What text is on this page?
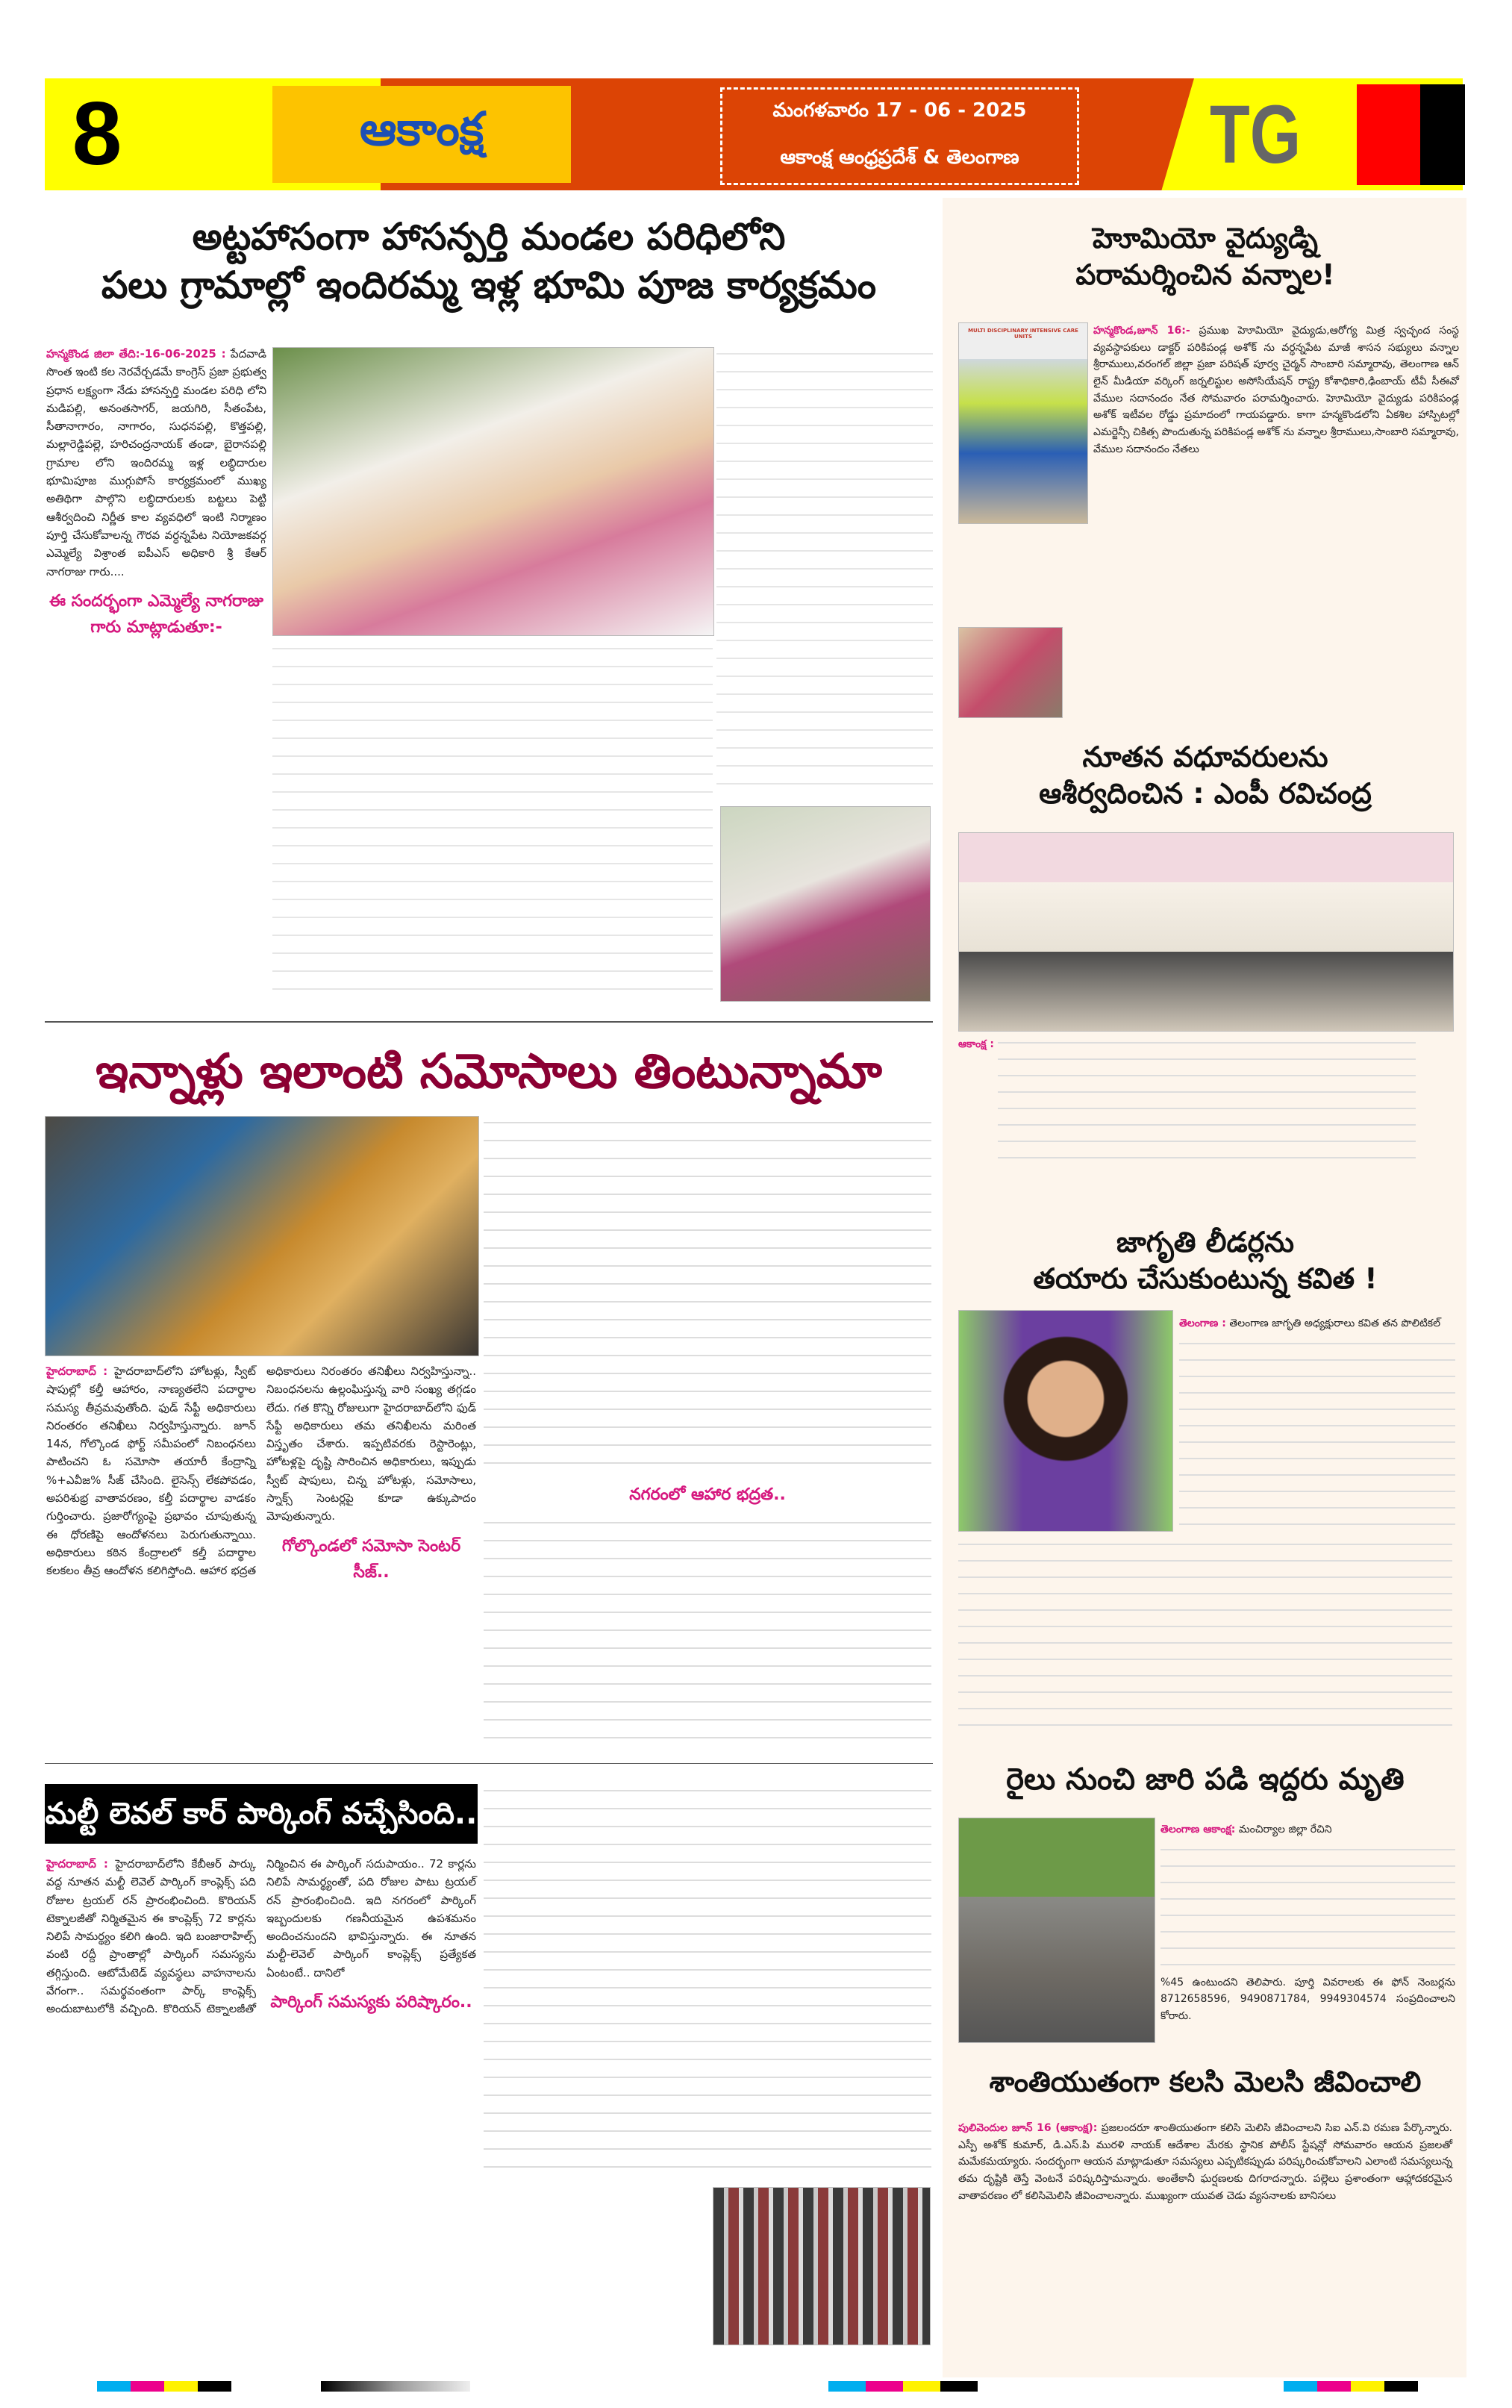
8	ఆకాంక్ష	మంగళవారం 17 - 06 - 2025
ఆకాంక్ష ఆంధ్రప్రదేశ్ & తెలంగాణ TG
అట్టహాసంగా హాసన్పర్తి మండల పరిధిలోని
పలు గ్రామాల్లో ఇందిరమ్మ ఇళ్ల భూమి పూజ కార్యక్రమం
హన్మకొండ జిలా తేది:-16-06-2025 : పేదవాడి సొంత ఇంటి కల నెరవేర్చడమే కాంగ్రెస్ ప్రజా ప్రభుత్వ ప్రధాన లక్ష్యంగా నేడు హాసన్పర్తి మండల పరిధి లోని మడిపల్లి, అనంతసాగర్, జయగిరి, సీతంపేట, సీతానాగారం, నాగారం, సుధనపల్లి, కొత్తపల్లి, మల్లారెడ్డిపల్లె, హరిచంద్రనాయక్ తండా, బైరానపల్లి గ్రామాల లోని ఇందిరమ్మ ఇళ్ల లబ్ధిదారుల భూమిపూజ ముగ్గుపోసే కార్యక్రమంలో ముఖ్య అతిథిగా పాల్గొని లబ్ధిదారులకు బట్టలు పెట్టి ఆశీర్వదించి నిర్ణీత కాల వ్యవధిలో ఇంటి నిర్మాణం పూర్తి చేసుకోవాలన్న గౌరవ వర్ధన్నపేట నియోజకవర్గ ఎమ్మెల్యే విశ్రాంత ఐపీఎస్ అధికారి శ్రీ కేఆర్ నాగరాజు గారు....
ఈ సందర్భంగా ఎమ్మెల్యే నాగరాజు గారు మాట్లాడుతూ:-
ఇన్నాళ్లు ఇలాంటి సమోసాలు తింటున్నామా
హైదరాబాద్ : హైదరాబాద్‌లోని హోటళ్లు, స్వీట్ షాపుల్లో కల్తీ ఆహారం, నాణ్యతలేని పదార్థాల సమస్య తీవ్రమవుతోంది. ఫుడ్ సేఫ్టీ అధికారులు నిరంతరం తనిఖీలు నిర్వహిస్తున్నారు. జూన్ 14న, గోల్కొండ ఫోర్ట్ సమీపంలో నిబంధనలు పాటించని ఓ సమోసా తయారీ కేంద్రాన్ని %+ఎవీజ% సీజ్ చేసింది. లైసెన్స్ లేకపోవడం, అపరిశుభ్ర వాతావరణం, కల్తీ పదార్థాల వాడకం గుర్తించారు. ప్రజారోగ్యంపై ప్రభావం చూపుతున్న ఈ ధోరణిపై ఆందోళనలు పెరుగుతున్నాయి. అధికారులు కఠిన కేంద్రాలలో కల్తీ పదార్థాల కలకలం తీవ్ర ఆందోళన కలిగిస్తోంది. ఆహార భద్రత అధికారులు నిరంతరం తనిఖీలు నిర్వహిస్తున్నా.. నిబంధనలను ఉల్లంఘిస్తున్న వారి సంఖ్య తగ్గడం లేదు. గత కొన్ని రోజులుగా హైదరాబాద్‌లోని ఫుడ్ సేఫ్టీ అధికారులు తమ తనిఖీలను మరింత విస్తృతం చేశారు. ఇప్పటివరకు రెస్టారెంట్లు, హోటళ్లపై దృష్టి సారించిన అధికారులు, ఇప్పుడు స్వీట్ షాపులు, చిన్న హోటళ్లు, సమోసాలు, స్నాక్స్ సెంటర్లపై కూడా ఉక్కుపాదం మోపుతున్నారు.
గోల్కొండలో సమోసా సెంటర్ సీజ్..
నగరంలో ఆహార భద్రత..
మల్టీ లెవల్ కార్ పార్కింగ్ వచ్చేసింది..
హైదరాబాద్ : హైదరాబాద్‌లోని కేబీఆర్ పార్కు వద్ద నూతన మల్టీ లెవెల్ పార్కింగ్ కాంప్లెక్స్ పది రోజుల ట్రయల్ రన్ ప్రారంభించింది. కొరియన్ టెక్నాలజీతో నిర్మితమైన ఈ కాంప్లెక్స్ 72 కార్లను నిలిపే సామర్థ్యం కలిగి ఉంది. ఇది బంజారాహిల్స్ వంటి రద్దీ ప్రాంతాల్లో పార్కింగ్ సమస్యను తగ్గిస్తుంది. ఆటోమేటెడ్ వ్యవస్థలు వాహనాలను వేగంగా.. సమర్థవంతంగా పార్క్ కాంప్లెక్స్ అందుబాటులోకి వచ్చింది. కొరియన్ టెక్నాలజీతో నిర్మించిన ఈ పార్కింగ్ సదుపాయం.. 72 కార్లను నిలిపే సామర్థ్యంతో, పది రోజుల పాటు ట్రయల్ రన్ ప్రారంభించింది. ఇది నగరంలో పార్కింగ్ ఇబ్బందులకు గణనీయమైన ఉపశమనం అందించనుందని భావిస్తున్నారు. ఈ నూతన మల్టీ-లెవెల్ పార్కింగ్ కాంప్లెక్స్ ప్రత్యేకత ఏంటంటే.. దానిలో
పార్కింగ్ సమస్యకు పరిష్కారం..
హెూమియో వైద్యుడ్ని
పరామర్శించిన వన్నాల!
MULTI DISCIPLINARY INTENSIVE CARE UNITS	హన్మకొండ,జూన్ 16:- ప్రముఖ హెూమియో వైద్యుడు,ఆరోగ్య మిత్ర స్వచ్ఛంద సంస్థ వ్యవస్థాపకులు డాక్టర్ పరికిపండ్ల అశోక్ ను వర్ధన్నపేట మాజీ శాసన సభ్యులు వన్నాల శ్రీరాములు,వరంగల్ జిల్లా ప్రజా పరిషత్ పూర్వ చైర్మన్ సాంబారి సమ్మారావు, తెలంగాణ ఆన్ లైన్ మీడియా వర్కింగ్ జర్నలిస్టుల అసోసియేషన్ రాష్ట్ర కోశాధికారి,ఢింబాయ్ టీవీ సీఈవో వేముల సదానందం నేత సోమవారం పరామర్శించారు. హెూమియో వైద్యుడు పరికిపండ్ల అశోక్ ఇటీవల రోడ్డు ప్రమాదంలో గాయపడ్డారు. కాగా హన్మకొండలోని ఏకశిల హాస్పిటల్లో ఎమర్జెన్సీ చికిత్స పొందుతున్న పరికిపండ్ల అశోక్ ను వన్నాల శ్రీరాములు,సాంబారి సమ్మారావు, వేముల సదానందం నేతలు
నూతన వధూవరులను
ఆశీర్వదించిన : ఎంపీ రవిచంద్ర
ఆకాంక్ష :
జాగృతి లీడర్లను
తయారు చేసుకుంటున్న కవిత !
తెలంగాణ : తెలంగాణ జాగృతి అధ్యక్షురాలు కవిత తన పొలిటికల్
రైలు నుంచి జారి పడి ఇద్దరు మృతి
తెలంగాణ ఆకాంక్ష: మంచిర్యాల జిల్లా రేచిని
%45 ఉంటుందని తెలిపారు. పూర్తి వివరాలకు ఈ ఫోన్ నెంబర్లను 8712658596, 9490871784, 9949304574 సంప్రదించాలని కోరారు.
శాంతియుతంగా కలసి మెలసి జీవించాలి
పులివెందుల జూన్ 16 (ఆకాంక్ష): ప్రజలందరూ శాంతియుతంగా కలిసి మెలిసి జీవించాలని సిఐ ఎన్.వి రమణ పేర్కొన్నారు. ఎస్పీ అశోక్ కుమార్, డి.ఎస్.పి మురళి నాయక్ ఆదేశాల మేరకు స్థానిక పోలీస్ స్టేషన్లో సోమవారం ఆయన ప్రజలతో మమేకమయ్యారు. సందర్భంగా ఆయన మాట్లాడుతూ సమస్యలు ఎప్పటికప్పుడు పరిష్కరించుకోవాలని ఎలాంటి సమస్యలున్న తమ దృష్టికి తెస్తే వెంటనే పరిష్కరిస్తామన్నారు. అంతేకానీ ఘర్షణలకు దిగరాదన్నారు. పల్లెలు ప్రశాంతంగా ఆహ్లాదకరమైన వాతావరణం లో కలిసిమెలిసి జీవించాలన్నారు. ముఖ్యంగా యువత చెడు వ్యసనాలకు బానిసలు
